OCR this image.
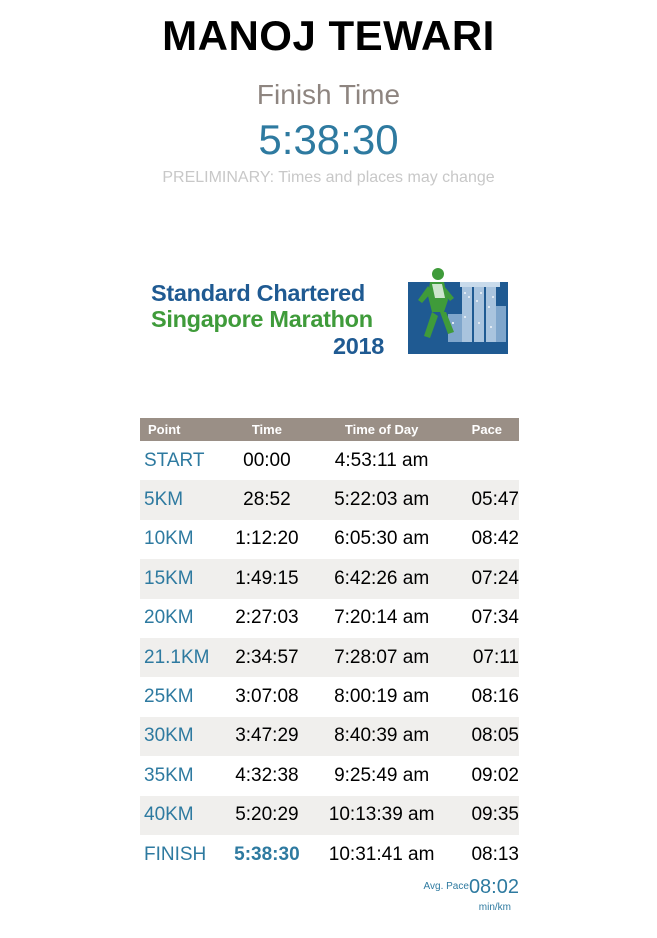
MANOJ TEWARI
Finish Time
5:38:30
PRELIMINARY: Times and places may change
Standard Chartered
Singapore Marathon
2018
Point	Time	Time of Day	Pace
START	00:00	4:53:11 am	
5KM	28:52	5:22:03 am	05:47
10KM	1:12:20	6:05:30 am	08:42
15KM	1:49:15	6:42:26 am	07:24
20KM	2:27:03	7:20:14 am	07:34
21.1KM	2:34:57	7:28:07 am	07:11
25KM	3:07:08	8:00:19 am	08:16
30KM	3:47:29	8:40:39 am	08:05
35KM	4:32:38	9:25:49 am	09:02
40KM	5:20:29	10:13:39 am	09:35
FINISH	5:38:30	10:31:41 am	08:13
$^{Avg. Pace}$08:02
min/km
